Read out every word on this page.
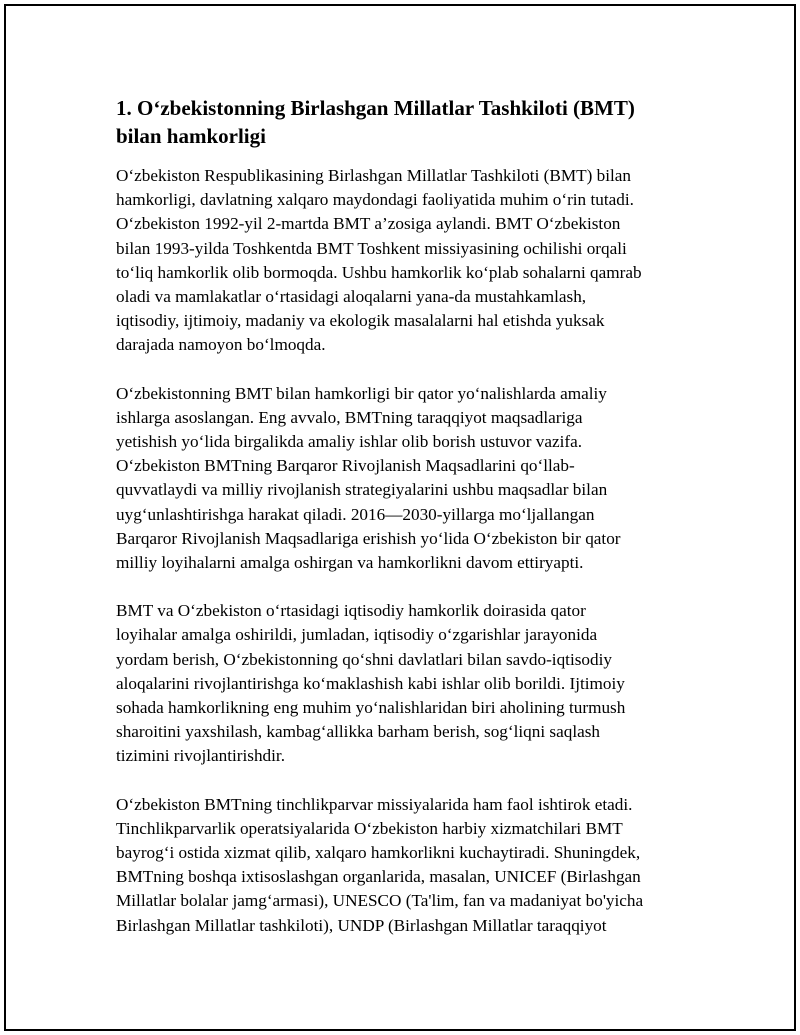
1. O‘zbekistonning Birlashgan Millatlar Tashkiloti (BMT)
bilan hamkorligi

O‘zbekiston Respublikasining Birlashgan Millatlar Tashkiloti (BMT) bilan
hamkorligi, davlatning xalqaro maydondagi faoliyatida muhim o‘rin tutadi.
O‘zbekiston 1992-yil 2-martda BMT a’zosiga aylandi. BMT O‘zbekiston
bilan 1993-yilda Toshkentda BMT Toshkent missiyasining ochilishi orqali
to‘liq hamkorlik olib bormoqda. Ushbu hamkorlik ko‘plab sohalarni qamrab
oladi va mamlakatlar o‘rtasidagi aloqalarni yana-da mustahkamlash,
iqtisodiy, ijtimoiy, madaniy va ekologik masalalarni hal etishda yuksak
darajada namoyon bo‘lmoqda.

O‘zbekistonning BMT bilan hamkorligi bir qator yo‘nalishlarda amaliy
ishlarga asoslangan. Eng avvalo, BMTning taraqqiyot maqsadlariga
yetishish yo‘lida birgalikda amaliy ishlar olib borish ustuvor vazifa.
O‘zbekiston BMTning Barqaror Rivojlanish Maqsadlarini qo‘llab-
quvvatlaydi va milliy rivojlanish strategiyalarini ushbu maqsadlar bilan
uyg‘unlashtirishga harakat qiladi. 2016—2030-yillarga mo‘ljallangan
Barqaror Rivojlanish Maqsadlariga erishish yo‘lida O‘zbekiston bir qator
milliy loyihalarni amalga oshirgan va hamkorlikni davom ettiryapti.

BMT va O‘zbekiston o‘rtasidagi iqtisodiy hamkorlik doirasida qator
loyihalar amalga oshirildi, jumladan, iqtisodiy o‘zgarishlar jarayonida
yordam berish, O‘zbekistonning qo‘shni davlatlari bilan savdo-iqtisodiy
aloqalarini rivojlantirishga ko‘maklashish kabi ishlar olib borildi. Ijtimoiy
sohada hamkorlikning eng muhim yo‘nalishlaridan biri aholining turmush
sharoitini yaxshilash, kambag‘allikka barham berish, sog‘liqni saqlash
tizimini rivojlantirishdir.

O‘zbekiston BMTning tinchlikparvar missiyalarida ham faol ishtirok etadi.
Tinchlikparvarlik operatsiyalarida O‘zbekiston harbiy xizmatchilari BMT
bayrog‘i ostida xizmat qilib, xalqaro hamkorlikni kuchaytiradi. Shuningdek,
BMTning boshqa ixtisoslashgan organlarida, masalan, UNICEF (Birlashgan
Millatlar bolalar jamg‘armasi), UNESCO (Ta'lim, fan va madaniyat bo'yicha
Birlashgan Millatlar tashkiloti), UNDP (Birlashgan Millatlar taraqqiyot
